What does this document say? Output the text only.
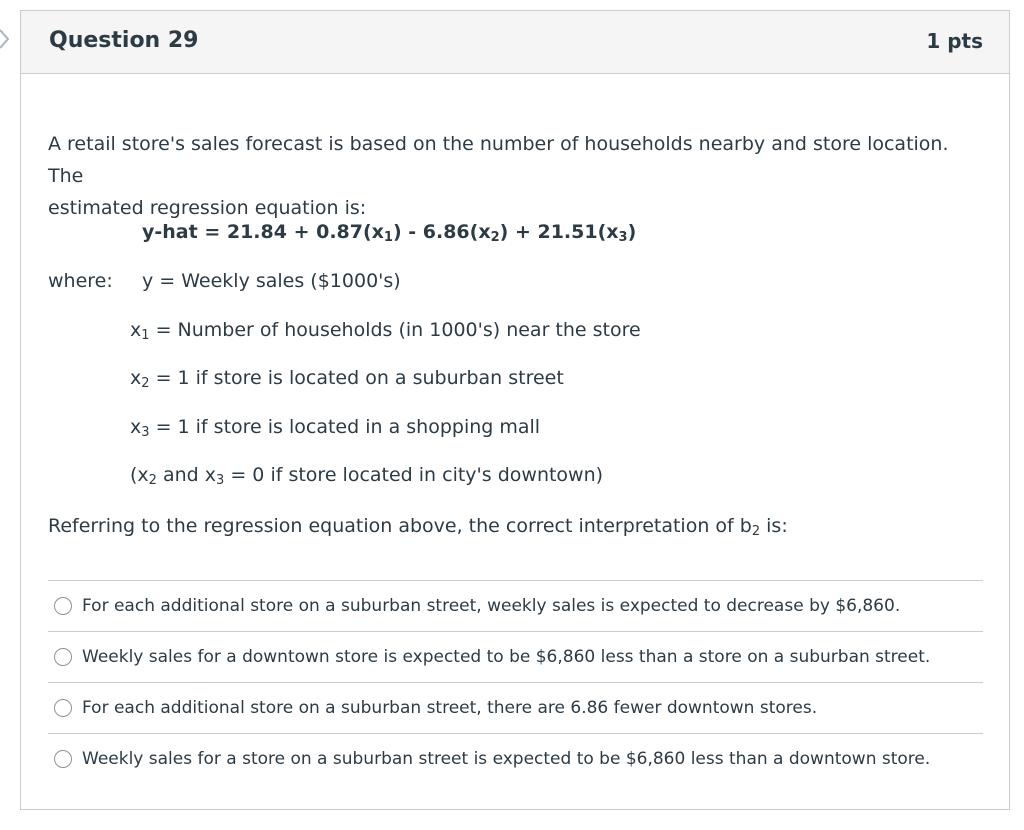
Question 29	1 pts

A retail store's sales forecast is based on the number of households nearby and store location. The

estimated regression equation is:

$y-hat = 21.84 + 0.87(x_1) - 6.86(x_2) + 21.51(x_3)$
where: y = Weekly sales ($1000's)
$x_1$ = Number of households (in 1000's) near the store
$x_2 = 1$ if store is located on a suburban street
$x_3 = 1$ if store is located in a shopping mall
($x_2$ and $x_3 = 0$ if store located in city's downtown)
Referring to the regression equation above, the correct interpretation of $b_2$ is:
For each additional store on a suburban street, weekly sales is expected to decrease by $6,860.
Weekly sales for a downtown store is expected to be $6,860 less than a store on a suburban street.
For each additional store on a suburban street, there are 6.86 fewer downtown stores.
Weekly sales for a store on a suburban street is expected to be $6,860 less than a downtown store.
